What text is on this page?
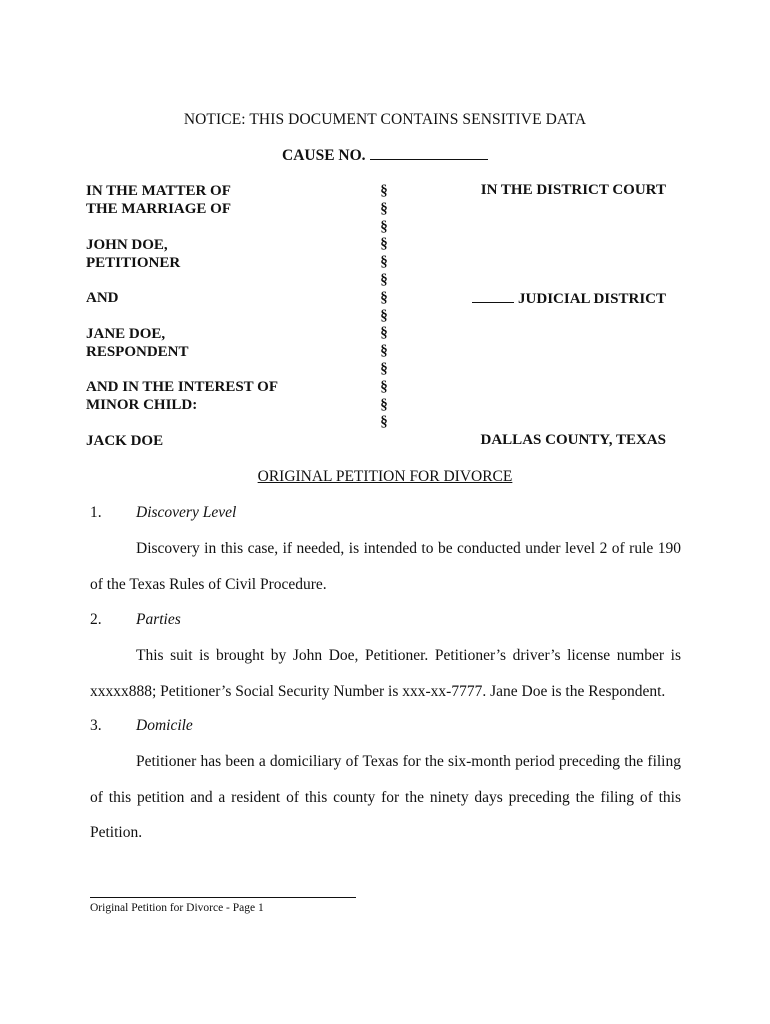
NOTICE: THIS DOCUMENT CONTAINS SENSITIVE DATA
CAUSE NO.
IN THE MATTER OF
THE MARRIAGE OF
JOHN DOE,
PETITIONER
AND
JANE DOE,
RESPONDENT
AND IN THE INTEREST OF
MINOR CHILD:
JACK DOE
§
§
§
§
§
§
§
§
§
§
§
§
§
§
IN THE DISTRICT COURT
JUDICIAL DISTRICT
DALLAS COUNTY, TEXAS
ORIGINAL PETITION FOR DIVORCE
1. Discovery Level
Discovery in this case, if needed, is intended to be conducted under level 2 of rule 190 of the Texas Rules of Civil Procedure.
2. Parties
This suit is brought by John Doe, Petitioner. Petitioner’s driver’s license number is xxxxx888; Petitioner’s Social Security Number is xxx-xx-7777. Jane Doe is the Respondent.
3. Domicile
Petitioner has been a domiciliary of Texas for the six-month period preceding the filing of this petition and a resident of this county for the ninety days preceding the filing of this Petition.
Original Petition for Divorce - Page 1
